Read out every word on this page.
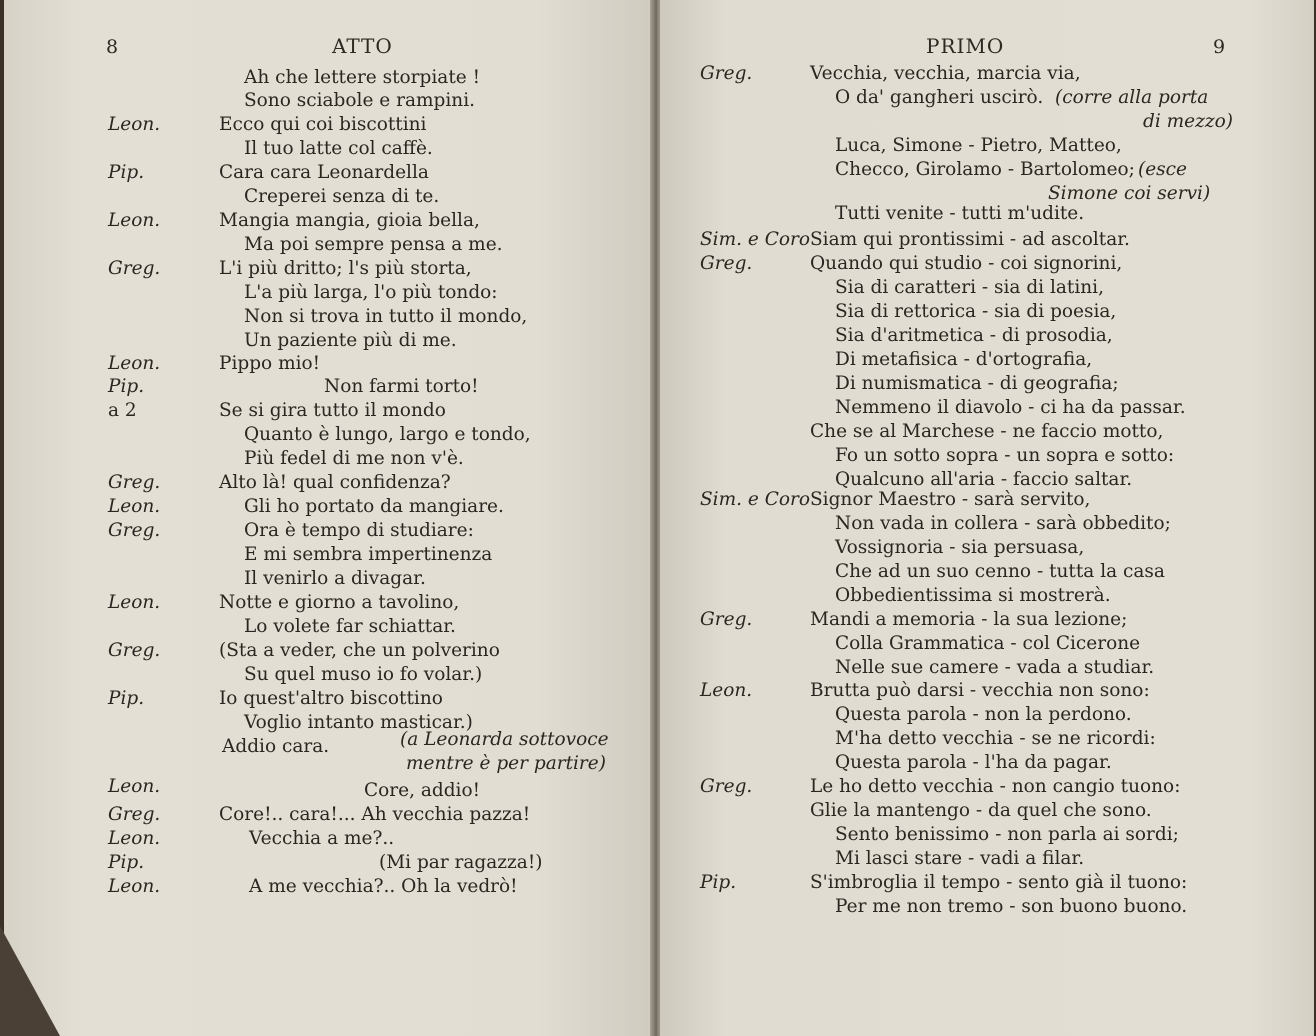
8	ATTO
Ah che lettere storpiate !
Sono sciabole e rampini.
Ecco qui coi biscottini
Leon.
Il tuo latte col caffè.
Cara cara Leonardella
Pip.
Creperei senza di te.
Mangia mangia, gioia bella,
Leon.
Ma poi sempre pensa a me.
L'i più dritto; l's più storta,
Greg.
L'a più larga, l'o più tondo:
Non si trova in tutto il mondo,
Un paziente più di me.
Pippo mio!
Leon.
Non farmi torto!
Pip.
Se si gira tutto il mondo
a 2
Quanto è lungo, largo e tondo,
Più fedel di me non v'è.
Alto là! qual confidenza?
Greg.
Gli ho portato da mangiare.
Leon.
Ora è tempo di studiare:
Greg.
E mi sembra impertinenza
Il venirlo a divagar.
Notte e giorno a tavolino,
Leon.
Lo volete far schiattar.
(Sta a veder, che un polverino
Greg.
Su quel muso io fo volar.)
Io quest'altro biscottino
Pip.
Voglio intanto masticar.)
Addio cara.
Core, addio!
Core!.. cara!... Ah vecchia pazza!
Greg.
Vecchia a me?..
Leon.
(Mi par ragazza!)
Pip.
A me vecchia?.. Oh la vedrò!
Leon.
(a Leonarda sottovoce
mentre è per partire)
Leon.
PRIMO	9
Vecchia, vecchia, marcia via,
Greg.
O da' gangheri uscirò.
Luca, Simone - Pietro, Matteo,
Checco, Girolamo - Bartolomeo;
Tutti venite - tutti m'udite.
Siam qui prontissimi - ad ascoltar.
Sim. e Coro
Quando qui studio - coi signorini,
Greg.
Sia di caratteri - sia di latini,
Sia di rettorica - sia di poesia,
Sia d'aritmetica - di prosodia,
Di metafisica - d'ortografia,
Di numismatica - di geografia;
Nemmeno il diavolo - ci ha da passar.
Che se al Marchese - ne faccio motto,
Fo un sotto sopra - un sopra e sotto:
Qualcuno all'aria - faccio saltar.
Signor Maestro - sarà servito,
Sim. e Coro
Non vada in collera - sarà obbedito;
Vossignoria - sia persuasa,
Che ad un suo cenno - tutta la casa
Obbedientissima si mostrerà.
Mandi a memoria - la sua lezione;
Greg.
Colla Grammatica - col Cicerone
Nelle sue camere - vada a studiar.
Brutta può darsi - vecchia non sono:
Leon.
Questa parola - non la perdono.
M'ha detto vecchia - se ne ricordi:
Questa parola - l'ha da pagar.
Le ho detto vecchia - non cangio tuono:
Greg.
Glie la mantengo - da quel che sono.
Sento benissimo - non parla ai sordi;
Mi lasci stare - vadi a filar.
S'imbroglia il tempo - sento già il tuono:
Pip.
Per me non tremo - son buono buono.
(corre alla porta
di mezzo)
(esce
Simone coi servi)
